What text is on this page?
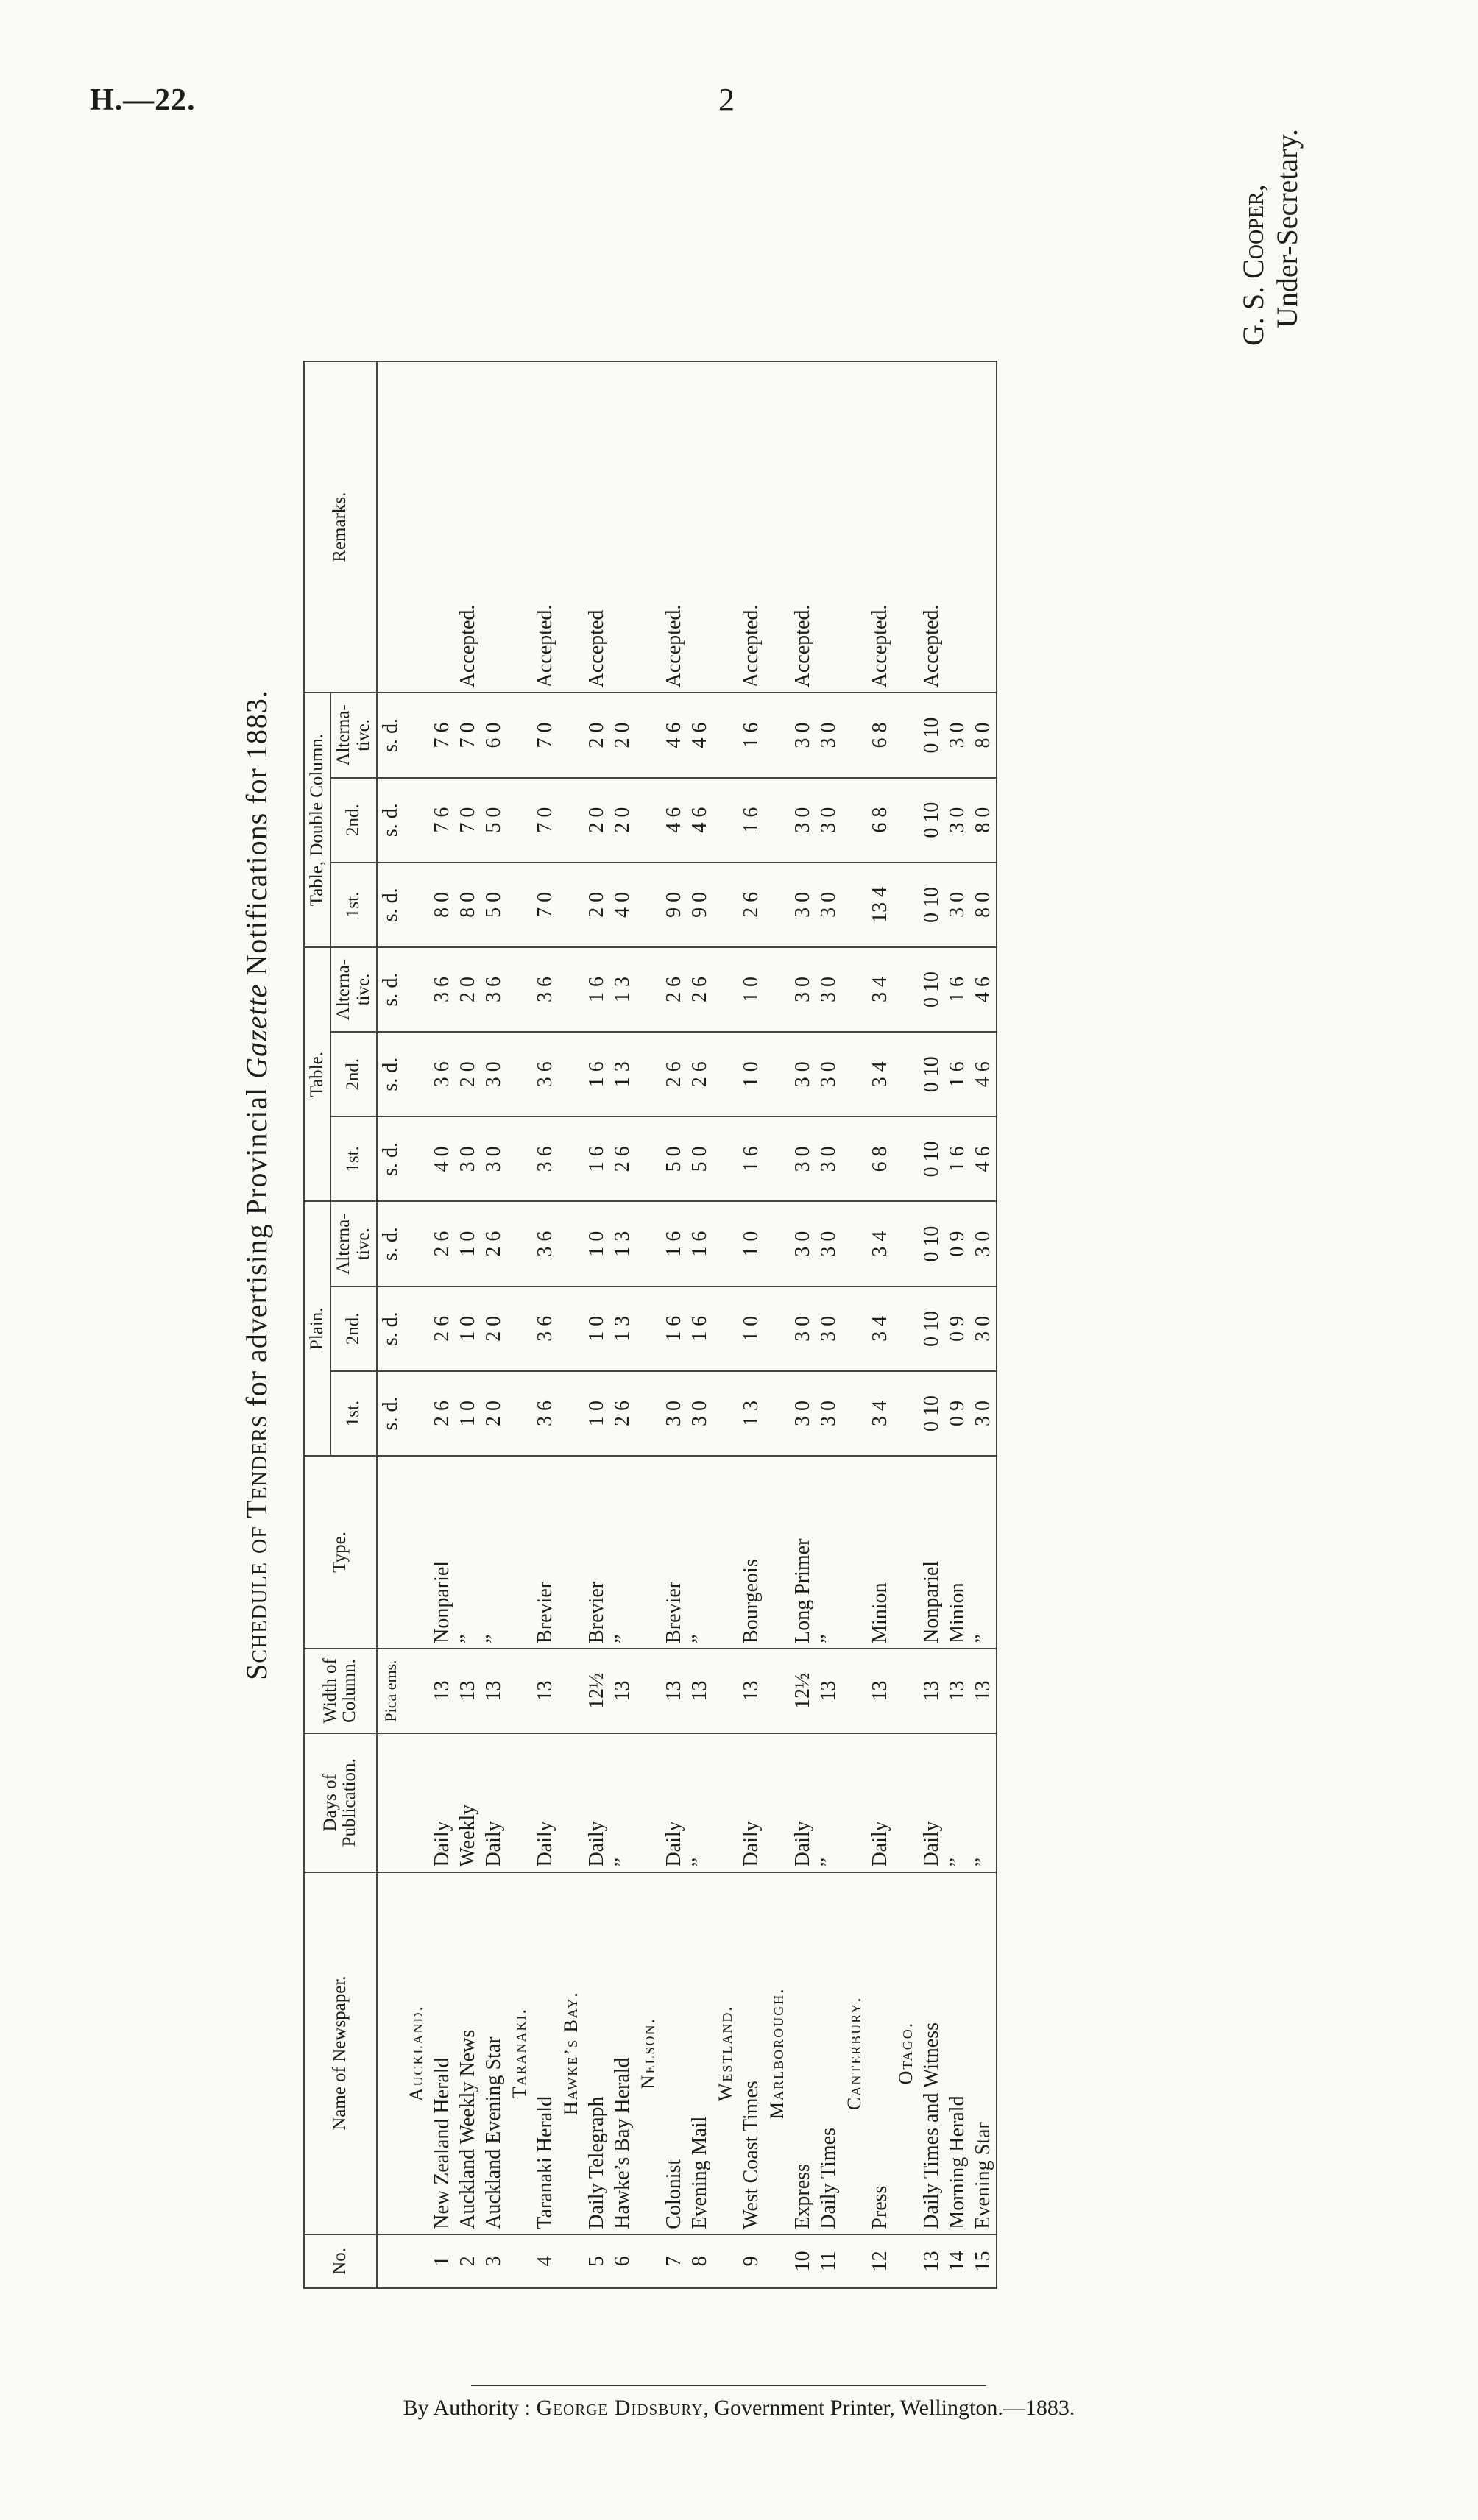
H.—22.	2
Schedule of Tenders for advertising Provincial Gazette Notifications for 1883.
No.	Name of Newspaper.	Days of Publication.	Width of Column.	Type.	Plain.			Table.			Table, Double Column.			Remarks.
					1st.	2nd.	Alterna-tive.	1st.	2nd.	Alterna-tive.	1st.	2nd.	Alterna-tive.	
			Pica ems.		s. d.	s. d.	s. d.	s. d.	s. d.	s. d.	s. d.	s. d.	s. d.	
	Auckland.													
1	New Zealand Herald	Daily	13	Nonpariel	2 6	2 6	2 6	4 0	3 6	3 6	8 0	7 6	7 6	
2	Auckland Weekly News	Weekly	13	”	1 0	1 0	1 0	3 0	2 0	2 0	8 0	7 0	7 0	Accepted.
3	Auckland Evening Star	Daily	13	”	2 0	2 0	2 6	3 0	3 0	3 6	5 0	5 0	6 0	
	Taranaki.													
4	Taranaki Herald	Daily	13	Brevier	3 6	3 6	3 6	3 6	3 6	3 6	7 0	7 0	7 0	Accepted.
	Hawke’s Bay.													
5	Daily Telegraph	Daily	12½	Brevier	1 0	1 0	1 0	1 6	1 6	1 6	2 0	2 0	2 0	Accepted
6	Hawke’s Bay Herald	”	13	”	2 6	1 3	1 3	2 6	1 3	1 3	4 0	2 0	2 0	
	Nelson.													
7	Colonist	Daily	13	Brevier	3 0	1 6	1 6	5 0	2 6	2 6	9 0	4 6	4 6	Accepted.
8	Evening Mail	”	13	”	3 0	1 6	1 6	5 0	2 6	2 6	9 0	4 6	4 6	
	Westland.													
9	West Coast Times	Daily	13	Bourgeois	1 3	1 0	1 0	1 6	1 0	1 0	2 6	1 6	1 6	Accepted.
	Marlborough.													
10	Express	Daily	12½	Long Primer	3 0	3 0	3 0	3 0	3 0	3 0	3 0	3 0	3 0	Accepted.
11	Daily Times	”	13	”	3 0	3 0	3 0	3 0	3 0	3 0	3 0	3 0	3 0	
	Canterbury.													
12	Press	Daily	13	Minion	3 4	3 4	3 4	6 8	3 4	3 4	13 4	6 8	6 8	Accepted.
	Otago.													
13	Daily Times and Witness	Daily	13	Nonpariel	0 10	0 10	0 10	0 10	0 10	0 10	0 10	0 10	0 10	Accepted.
14	Morning Herald	”	13	Minion	0 9	0 9	0 9	1 6	1 6	1 6	3 0	3 0	3 0	
15	Evening Star	”	13	”	3 0	3 0	3 0	4 6	4 6	4 6	8 0	8 0	8 0	
G. S. Cooper, Under-Secretary.
By Authority : George Didsbury, Government Printer, Wellington.—1883.
